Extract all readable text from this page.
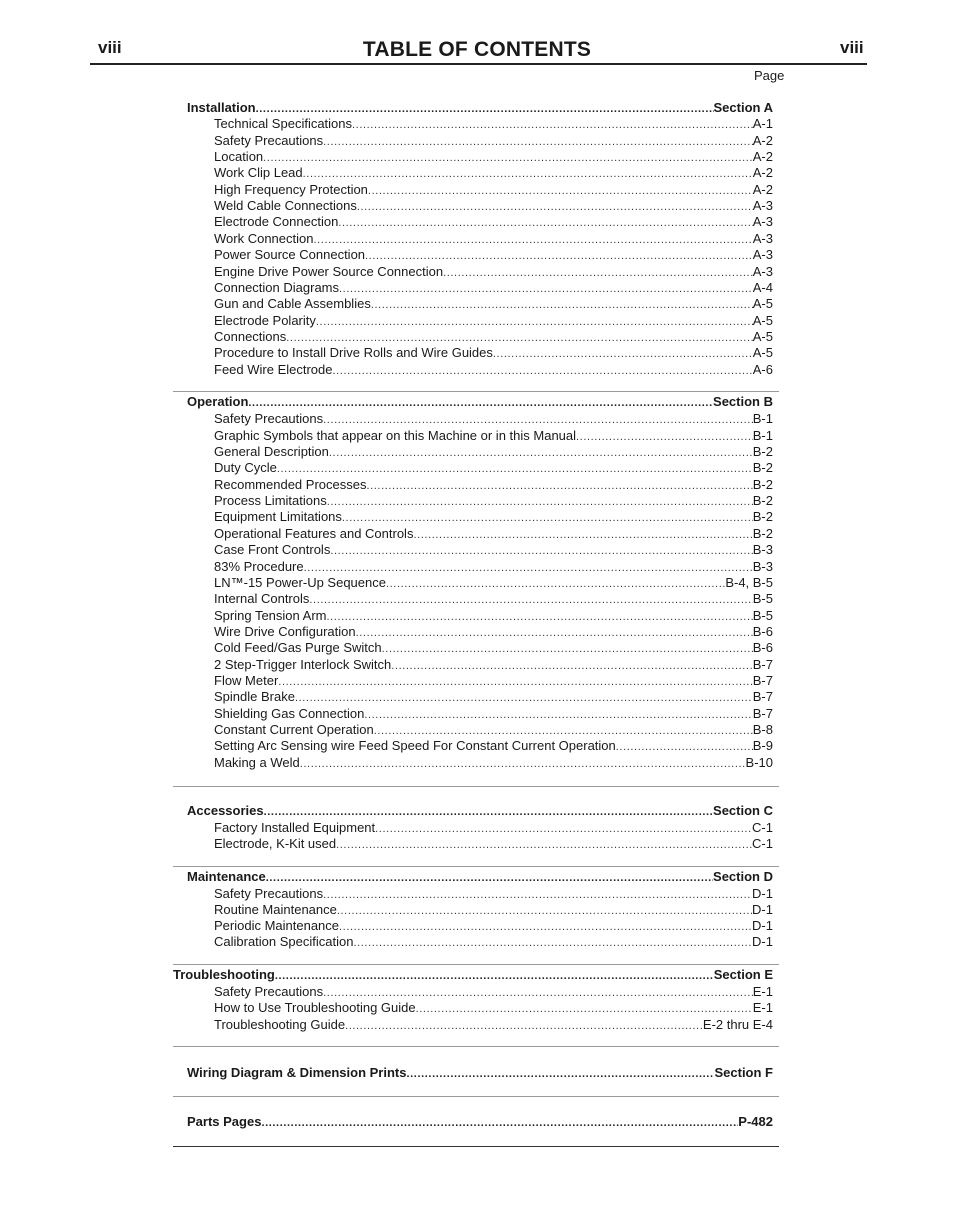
viii	TABLE OF CONTENTS	viii
Page
Installation .....	Section A
Technical Specifications .....	A-1
Safety Precautions .....	A-2
Location .....	A-2
Work Clip Lead .....	A-2
High Frequency Protection .....	A-2
Weld Cable Connections .....	A-3
Electrode Connection .....	A-3
Work Connection .....	A-3
Power Source Connection .....	A-3
Engine Drive Power Source Connection .....	A-3
Connection Diagrams .....	A-4
Gun and Cable Assemblies .....	A-5
Electrode Polarity .....	A-5
Connections .....	A-5
Procedure to Install Drive Rolls and Wire Guides .....	A-5
Feed Wire Electrode .....	A-6
Operation .....	Section B
Safety Precautions .....	B-1
Graphic Symbols that appear on this Machine or in this Manual .....	B-1
General Description .....	B-2
Duty Cycle .....	B-2
Recommended Processes .....	B-2
Process Limitations .....	B-2
Equipment Limitations .....	B-2
Operational Features and Controls .....	B-2
Case Front Controls .....	B-3
83% Procedure .....	B-3
LN™-15 Power-Up Sequence .....	B-4, B-5
Internal Controls .....	B-5
Spring Tension Arm .....	B-5
Wire Drive Configuration .....	B-6
Cold Feed/Gas Purge Switch .....	B-6
2 Step-Trigger Interlock Switch .....	B-7
Flow Meter .....	B-7
Spindle Brake .....	B-7
Shielding Gas Connection .....	B-7
Constant Current Operation .....	B-8
Setting Arc Sensing wire Feed Speed For Constant Current Operation .....	B-9
Making a Weld .....	B-10
Accessories .....	Section C
Factory Installed Equipment .....	C-1
Electrode, K-Kit used .....	C-1
Maintenance .....	Section D
Safety Precautions .....	D-1
Routine Maintenance .....	D-1
Periodic Maintenance .....	D-1
Calibration Specification .....	D-1
Troubleshooting .....	Section E
Safety Precautions .....	E-1
How to Use Troubleshooting Guide .....	E-1
Troubleshooting Guide .....	E-2 thru E-4
Wiring Diagram & Dimension Prints .....	Section F
Parts Pages .....	P-482
